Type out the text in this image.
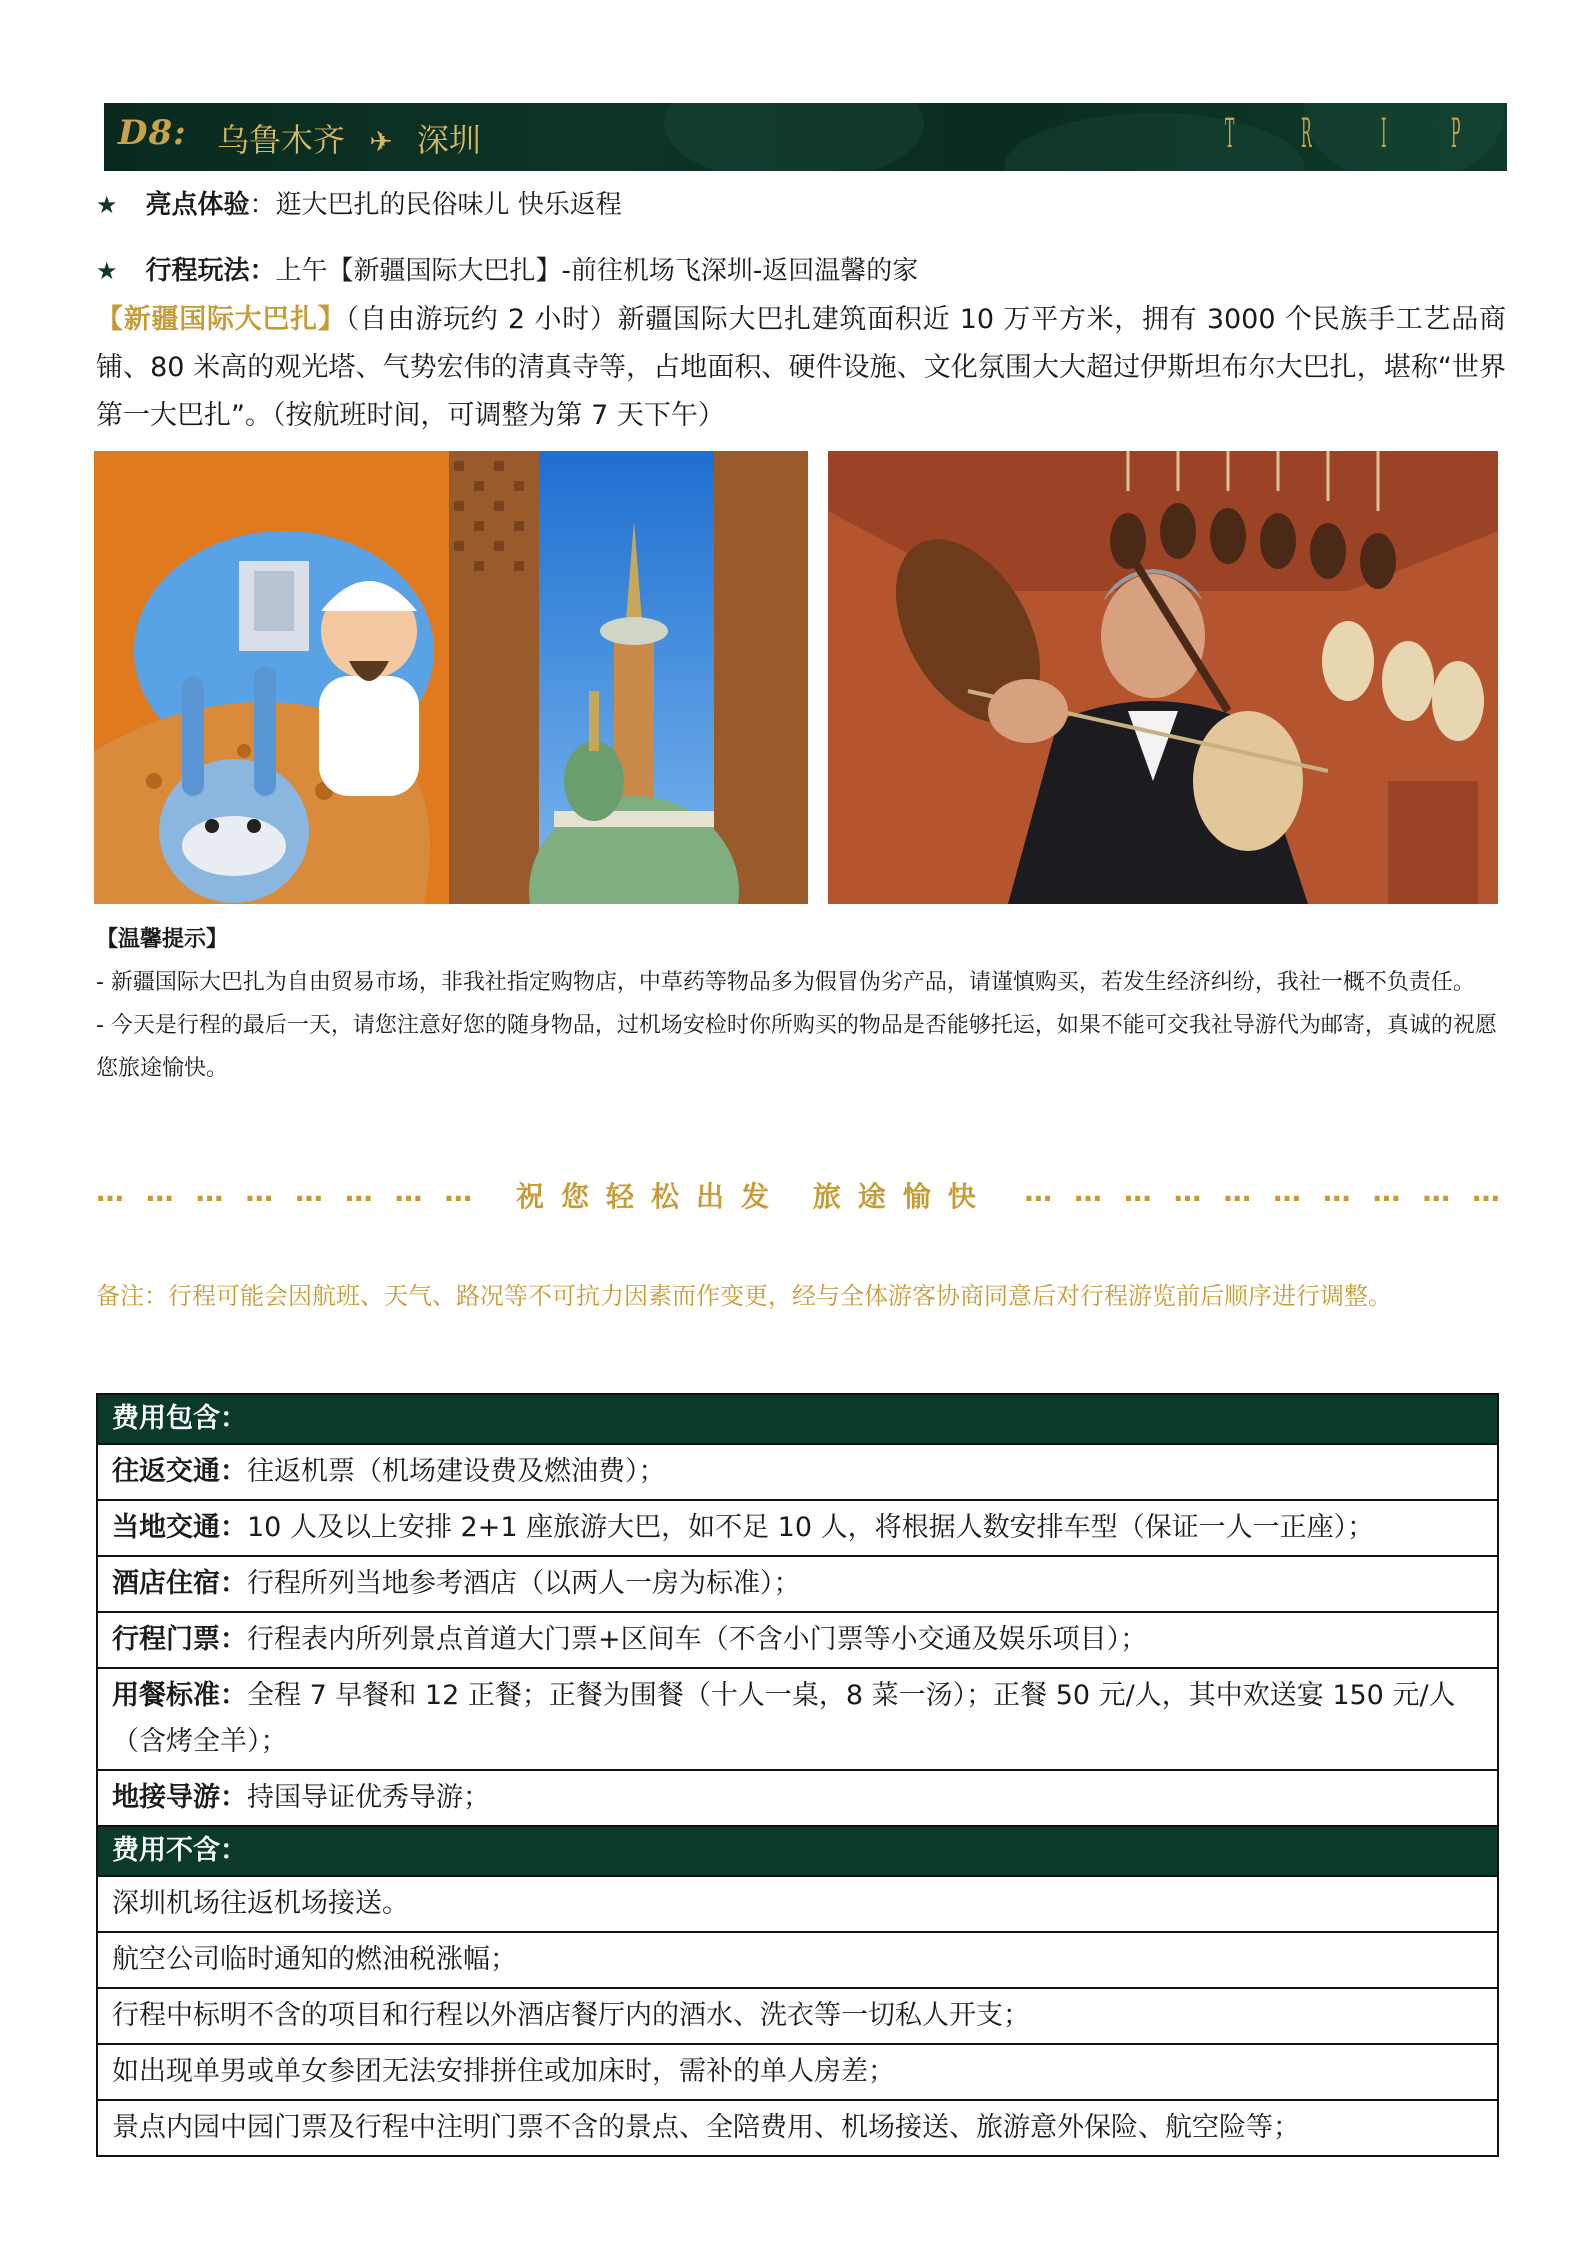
D8: 乌鲁木齐 ✈ 深圳	T R I P
★ 亮点体验：逛大巴扎的民俗味儿 快乐返程
★ 行程玩法：上午【新疆国际大巴扎】-前往机场飞深圳-返回温馨的家
【新疆国际大巴扎】（自由游玩约 2 小时）新疆国际大巴扎建筑面积近 10 万平方米，拥有 3000 个民族手工艺品商铺、80 米高的观光塔、气势宏伟的清真寺等，占地面积、硬件设施、文化氛围大大超过伊斯坦布尔大巴扎，堪称“世界第一大巴扎”。（按航班时间，可调整为第 7 天下午）
【温馨提示】
- 新疆国际大巴扎为自由贸易市场，非我社指定购物店，中草药等物品多为假冒伪劣产品，请谨慎购买，若发生经济纠纷，我社一概不负责任。
- 今天是行程的最后一天，请您注意好您的随身物品，过机场安检时你所购买的物品是否能够托运，如果不能可交我社导游代为邮寄，真诚的祝愿您旅途愉快。
… … … … … … … … 祝您轻松出发 旅途愉快 … … … … … … … … … …
备注：行程可能会因航班、天气、路况等不可抗力因素而作变更，经与全体游客协商同意后对行程游览前后顺序进行调整。
费用包含：
往返交通：往返机票（机场建设费及燃油费）；
当地交通：10 人及以上安排 2+1 座旅游大巴，如不足 10 人，将根据人数安排车型（保证一人一正座）；
酒店住宿：行程所列当地参考酒店（以两人一房为标准）；
行程门票：行程表内所列景点首道大门票+区间车（不含小门票等小交通及娱乐项目）；
用餐标准：全程 7 早餐和 12 正餐；正餐为围餐（十人一桌，8 菜一汤）；正餐 50 元/人，其中欢送宴 150 元/人（含烤全羊）；
地接导游：持国导证优秀导游；
费用不含：
深圳机场往返机场接送。
航空公司临时通知的燃油税涨幅；
行程中标明不含的项目和行程以外酒店餐厅内的酒水、洗衣等一切私人开支；
如出现单男或单女参团无法安排拼住或加床时，需补的单人房差；
景点内园中园门票及行程中注明门票不含的景点、全陪费用、机场接送、旅游意外保险、航空险等；
